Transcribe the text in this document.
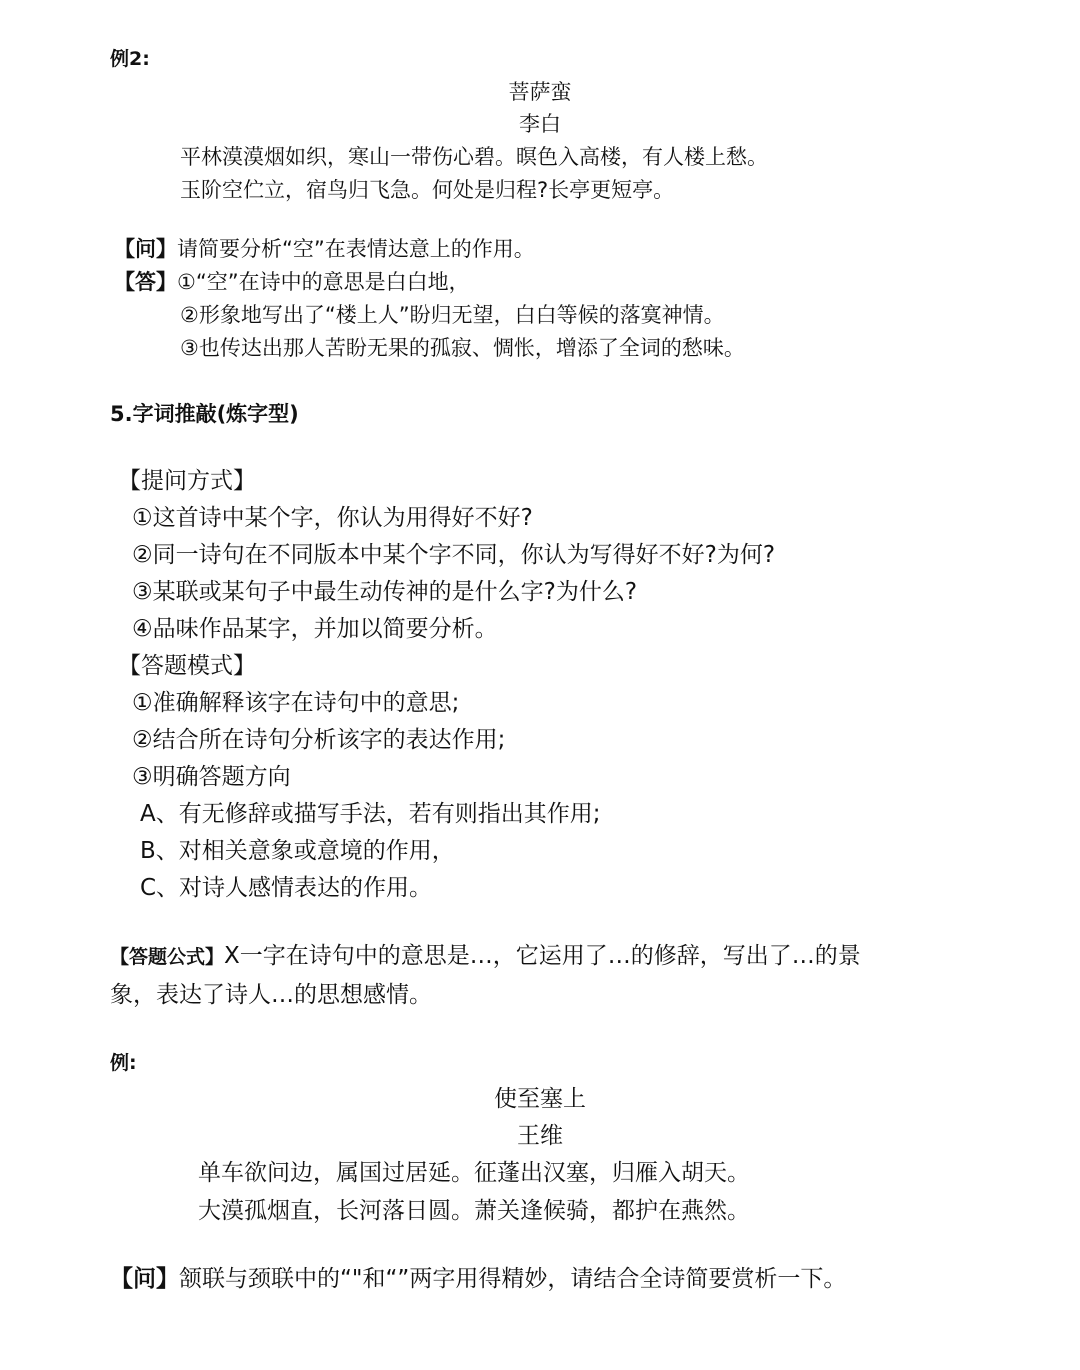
例2:
菩萨蛮
李白
平林漠漠烟如织，寒山一带伤心碧。暝色入高楼，有人楼上愁。
玉阶空伫立，宿鸟归飞急。何处是归程?长亭更短亭。
【问】请简要分析“空”在表情达意上的作用。
【答】①“空”在诗中的意思是白白地，
②形象地写出了“楼上人”盼归无望，白白等候的落寞神情。
③也传达出那人苦盼无果的孤寂、惆怅，增添了全词的愁味。
5.字词推敲(炼字型)
【提问方式】
①这首诗中某个字，你认为用得好不好?
②同一诗句在不同版本中某个字不同，你认为写得好不好?为何?
③某联或某句子中最生动传神的是什么字?为什么?
④品味作品某字，并加以简要分析。
【答题模式】
①准确解释该字在诗句中的意思;
②结合所在诗句分析该字的表达作用;
③明确答题方向
A、有无修辞或描写手法，若有则指出其作用;
B、对相关意象或意境的作用，
C、对诗人感情表达的作用。
【答题公式】X一字在诗句中的意思是…，它运用了…的修辞，写出了…的景
象，表达了诗人…的思想感情。
例:
使至塞上
王维
单车欲问边，属国过居延。征蓬出汉塞，归雁入胡天。
大漠孤烟直，长河落日圆。萧关逢候骑，都护在燕然。
【问】颔联与颈联中的“"和“”两字用得精妙，请结合全诗简要赏析一下。
